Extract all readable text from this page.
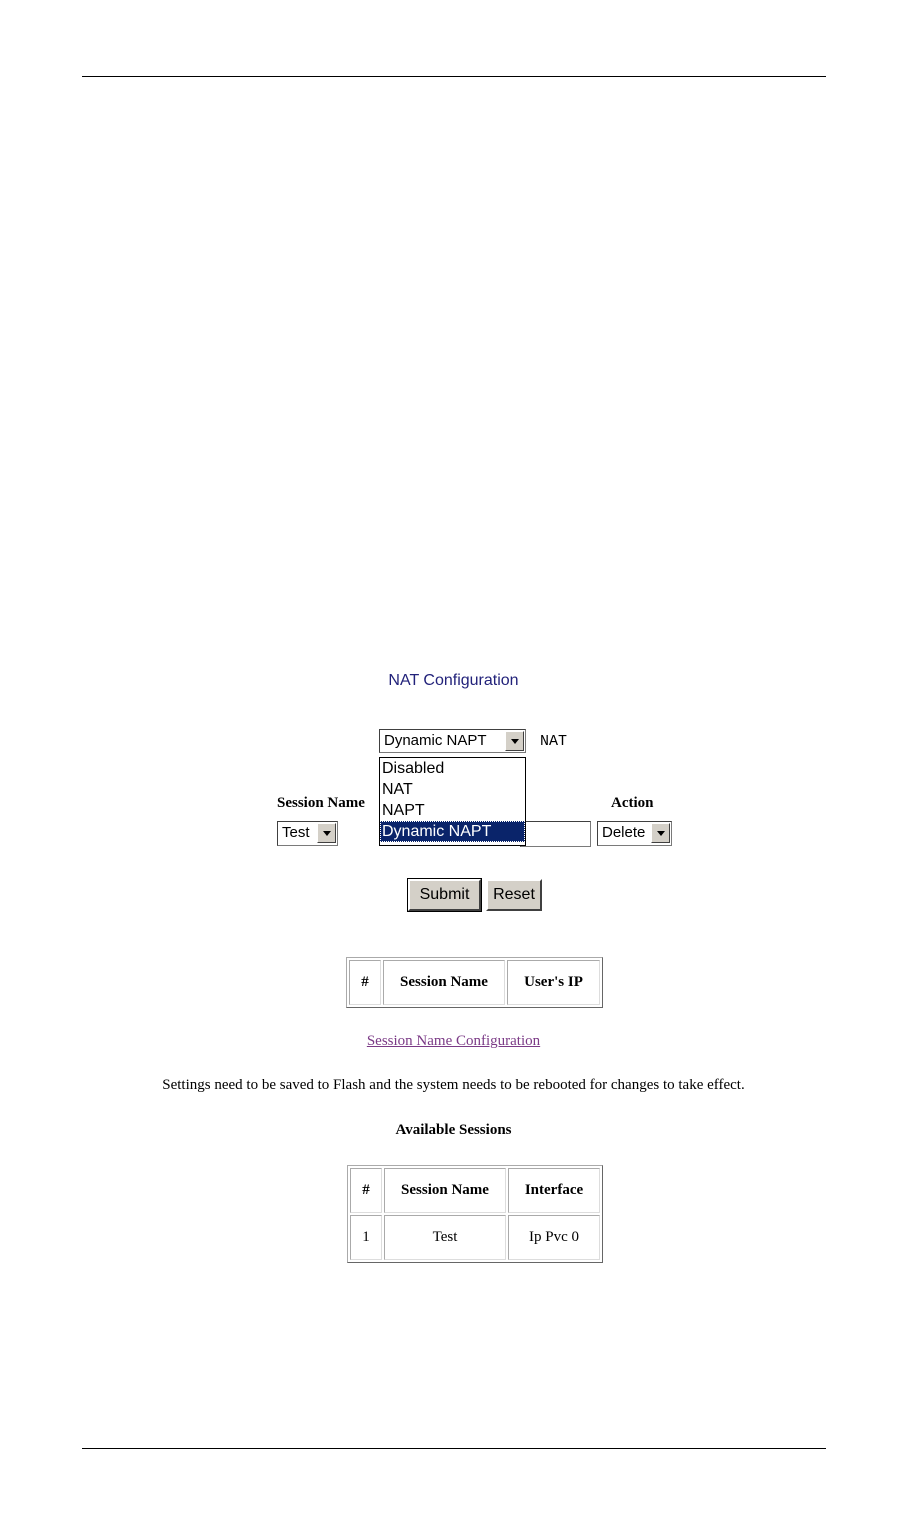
NAT Configuration
Dynamic NAPT	NAT
Disabled
NAT
NAPT
Dynamic NAPT
Session Name	Action
Test	Delete
Submit	Reset
#	Session Name	User's IP
Session Name Configuration
Settings need to be saved to Flash and the system needs to be rebooted for changes to take effect.
Available Sessions
#	Session Name	Interface
1	Test	Ip Pvc 0
